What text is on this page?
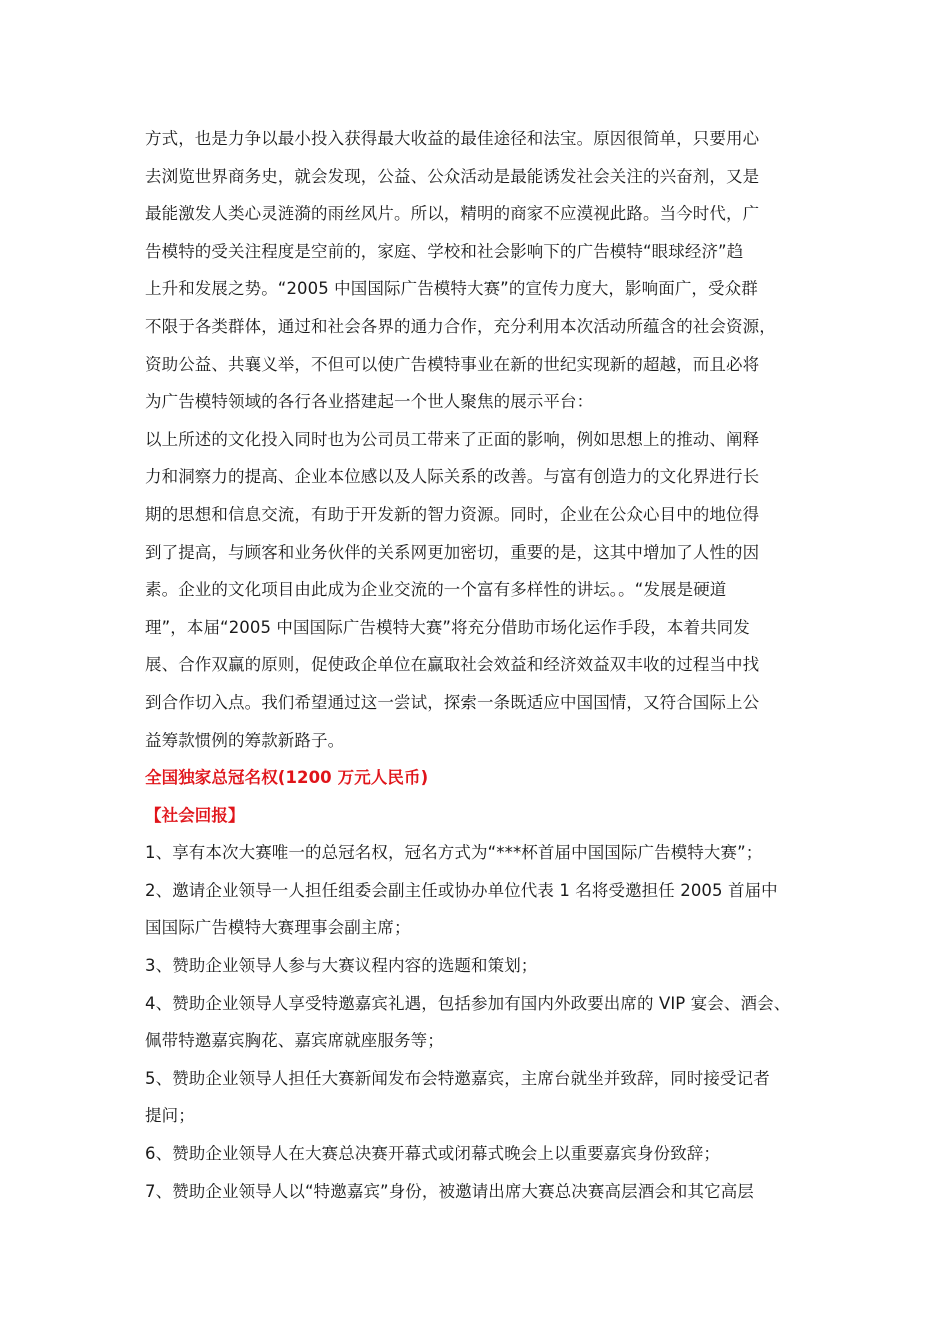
方式，也是力争以最小投入获得最大收益的最佳途径和法宝。原因很简单，只要用心
去浏览世界商务史，就会发现，公益、公众活动是最能诱发社会关注的兴奋剂，又是
最能激发人类心灵涟漪的雨丝风片。所以，精明的商家不应漠视此路。当今时代，广
告模特的受关注程度是空前的，家庭、学校和社会影响下的广告模特“眼球经济”趋
上升和发展之势。“2005 中国国际广告模特大赛”的宣传力度大，影响面广，受众群
不限于各类群体，通过和社会各界的通力合作，充分利用本次活动所蕴含的社会资源，
资助公益、共襄义举，不但可以使广告模特事业在新的世纪实现新的超越，而且必将
为广告模特领域的各行各业搭建起一个世人聚焦的展示平台：
以上所述的文化投入同时也为公司员工带来了正面的影响，例如思想上的推动、阐释
力和洞察力的提高、企业本位感以及人际关系的改善。与富有创造力的文化界进行长
期的思想和信息交流，有助于开发新的智力资源。同时，企业在公众心目中的地位得
到了提高，与顾客和业务伙伴的关系网更加密切，重要的是，这其中增加了人性的因
素。企业的文化项目由此成为企业交流的一个富有多样性的讲坛。。“发展是硬道
理”，本届“2005 中国国际广告模特大赛”将充分借助市场化运作手段，本着共同发
展、合作双赢的原则，促使政企单位在赢取社会效益和经济效益双丰收的过程当中找
到合作切入点。我们希望通过这一尝试，探索一条既适应中国国情，又符合国际上公
益筹款惯例的筹款新路子。
全国独家总冠名权(1200 万元人民币)
【社会回报】
1、享有本次大赛唯一的总冠名权，冠名方式为“***杯首届中国国际广告模特大赛”；
2、邀请企业领导一人担任组委会副主任或协办单位代表 1 名将受邀担任 2005 首届中
国国际广告模特大赛理事会副主席；
3、赞助企业领导人参与大赛议程内容的选题和策划；
4、赞助企业领导人享受特邀嘉宾礼遇，包括参加有国内外政要出席的 VIP 宴会、酒会、
佩带特邀嘉宾胸花、嘉宾席就座服务等；
5、赞助企业领导人担任大赛新闻发布会特邀嘉宾，主席台就坐并致辞，同时接受记者
提问；
6、赞助企业领导人在大赛总决赛开幕式或闭幕式晚会上以重要嘉宾身份致辞；
7、赞助企业领导人以“特邀嘉宾”身份，被邀请出席大赛总决赛高层酒会和其它高层
